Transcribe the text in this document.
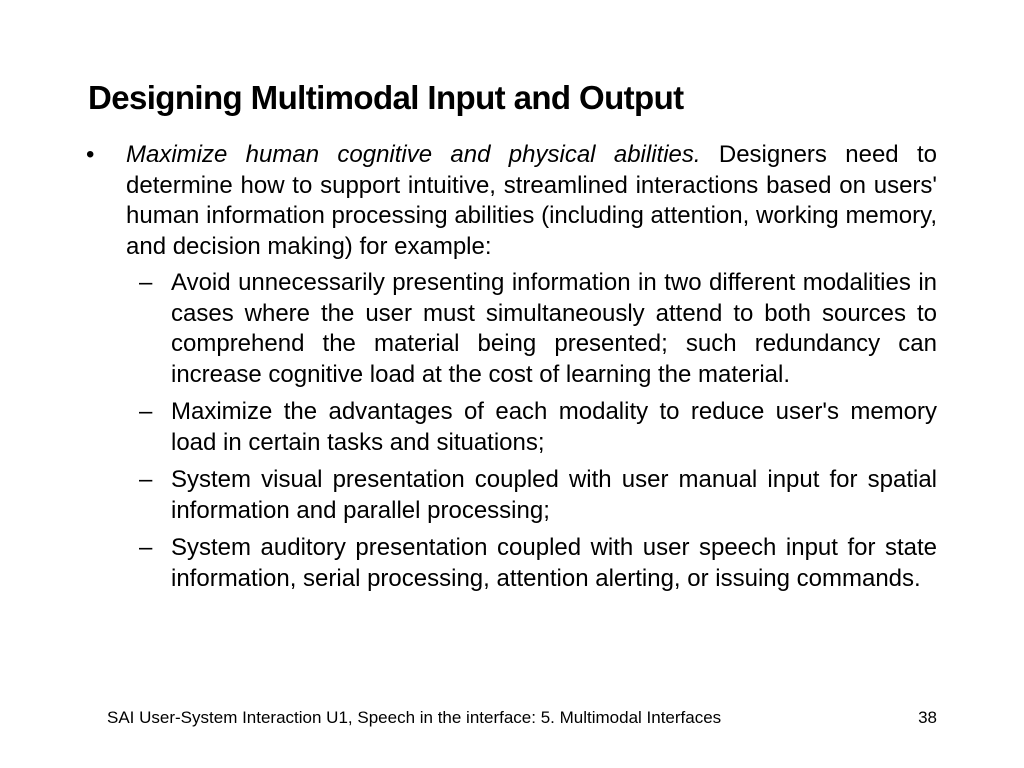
Designing Multimodal Input and Output
•	Maximize human cognitive and physical abilities. Designers need to determine how to support intuitive, streamlined interactions based on users' human information processing abilities (including attention, working memory, and decision making) for example:
– Avoid unnecessarily presenting information in two different modalities in cases where the user must simultaneously attend to both sources to comprehend the material being presented; such redundancy can increase cognitive load at the cost of learning the material.
– Maximize the advantages of each modality to reduce user's memory load in certain tasks and situations;
– System visual presentation coupled with user manual input for spatial information and parallel processing;
– System auditory presentation coupled with user speech input for state information, serial processing, attention alerting, or issuing commands.
SAI User-System Interaction U1, Speech in the interface: 5. Multimodal Interfaces	38
